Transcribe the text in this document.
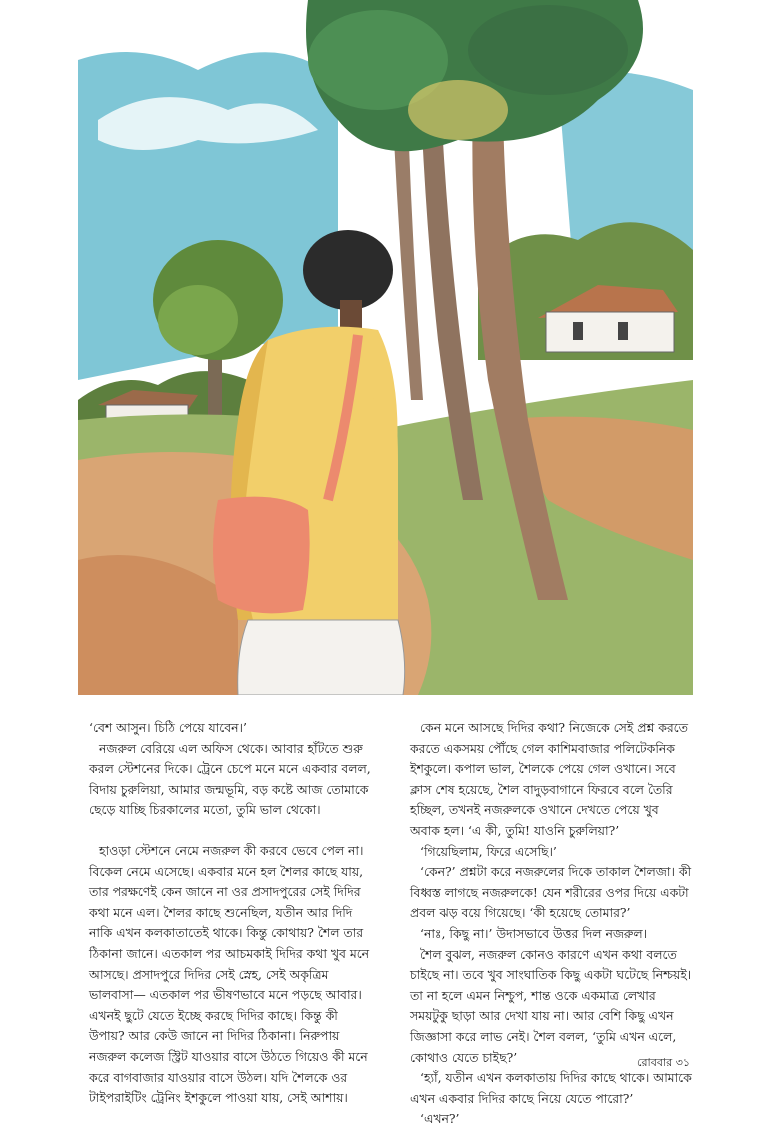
‘বেশ আসুন। চিঠি পেয়ে যাবেন।’

নজরুল বেরিয়ে এল অফিস থেকে। আবার হাঁটতে শুরু করল স্টেশনের দিকে। ট্রেনে চেপে মনে মনে একবার বলল, বিদায় চুরুলিয়া, আমার জন্মভূমি, বড় কষ্টে আজ তোমাকে ছেড়ে যাচ্ছি চিরকালের মতো, তুমি ভাল থেকো।

হাওড়া স্টেশনে নেমে নজরুল কী করবে ভেবে পেল না। বিকেল নেমে এসেছে। একবার মনে হল শৈলর কাছে যায়, তার পরক্ষণেই কেন জানে না ওর প্রসাদপুরের সেই দিদির কথা মনে এল। শৈলর কাছে শুনেছিল, যতীন আর দিদি নাকি এখন কলকাতাতেই থাকে। কিন্তু কোথায়? শৈল তার ঠিকানা জানে। এতকাল পর আচমকাই দিদির কথা খুব মনে আসছে। প্রসাদপুরে দিদির সেই স্নেহ, সেই অকৃত্রিম ভালবাসা— এতকাল পর ভীষণভাবে মনে পড়ছে আবার। এখনই ছুটে যেতে ইচ্ছে করছে দিদির কাছে। কিন্তু কী উপায়? আর কেউ জানে না দিদির ঠিকানা। নিরুপায় নজরুল কলেজ স্ট্রিট যাওয়ার বাসে উঠতে গিয়েও কী মনে করে বাগবাজার যাওয়ার বাসে উঠল। যদি শৈলকে ওর টাইপরাইটিং ট্রেনিং ইশকুলে পাওয়া যায়, সেই আশায়।

কেন মনে আসছে দিদির কথা? নিজেকে সেই প্রশ্ন করতে করতে একসময় পৌঁছে গেল কাশিমবাজার পলিটেকনিক ইশকুলে। কপাল ভাল, শৈলকে পেয়ে গেল ওখানে। সবে ক্লাস শেষ হয়েছে, শৈল বাদুড়বাগানে ফিরবে বলে তৈরি হচ্ছিল, তখনই নজরুলকে ওখানে দেখতে পেয়ে খুব অবাক হল। ‘এ কী, তুমি! যাওনি চুরুলিয়া?’

‘গিয়েছিলাম, ফিরে এসেছি।’

‘কেন?’ প্রশ্নটা করে নজরুলের দিকে তাকাল শৈলজা। কী বিধ্বস্ত লাগছে নজরুলকে! যেন শরীরের ওপর দিয়ে একটা প্রবল ঝড় বয়ে গিয়েছে। ‘কী হয়েছে তোমার?’

‘নাঃ, কিছু না।’ উদাসভাবে উত্তর দিল নজরুল।

শৈল বুঝল, নজরুল কোনও কারণে এখন কথা বলতে চাইছে না। তবে খুব সাংঘাতিক কিছু একটা ঘটেছে নিশ্চয়ই। তা না হলে এমন নিশ্চুপ, শান্ত ওকে একমাত্র লেখার সময়টুকু ছাড়া আর দেখা যায় না। আর বেশি কিছু এখন জিজ্ঞাসা করে লাভ নেই। শৈল বলল, ‘তুমি এখন এলে, কোথাও যেতে চাইছ?’

‘হ্যাঁ, যতীন এখন কলকাতায় দিদির কাছে থাকে। আমাকে এখন একবার দিদির কাছে নিয়ে যেতে পারো?’

‘এখন?’

রোববার ৩১
